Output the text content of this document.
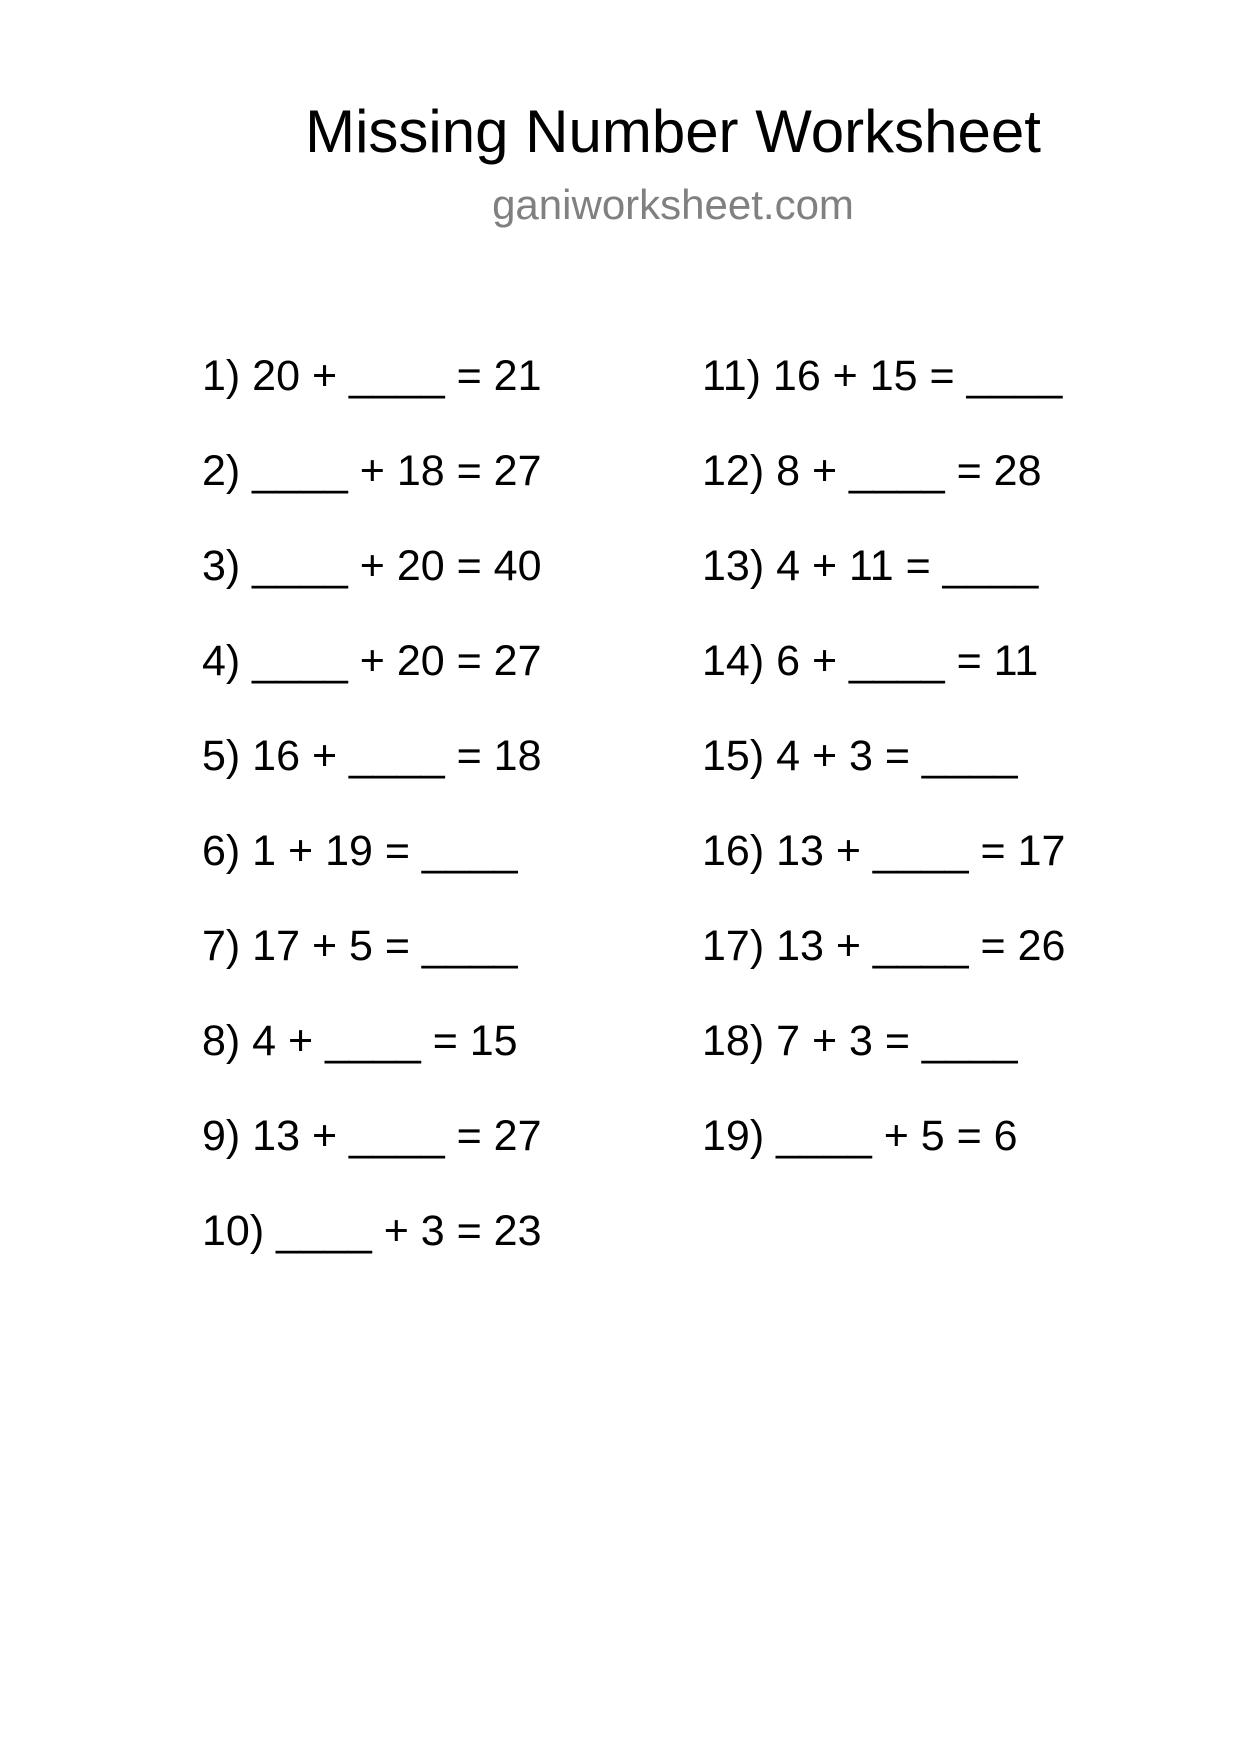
Missing Number Worksheet
ganiworksheet.com
1) 20 + ____ = 21
2) ____ + 18 = 27
3) ____ + 20 = 40
4) ____ + 20 = 27
5) 16 + ____ = 18
6) 1 + 19 = ____
7) 17 + 5 = ____
8) 4 + ____ = 15
9) 13 + ____ = 27
10) ____ + 3 = 23
11) 16 + 15 = ____
12) 8 + ____ = 28
13) 4 + 11 = ____
14) 6 + ____ = 11
15) 4 + 3 = ____
16) 13 + ____ = 17
17) 13 + ____ = 26
18) 7 + 3 = ____
19) ____ + 5 = 6
